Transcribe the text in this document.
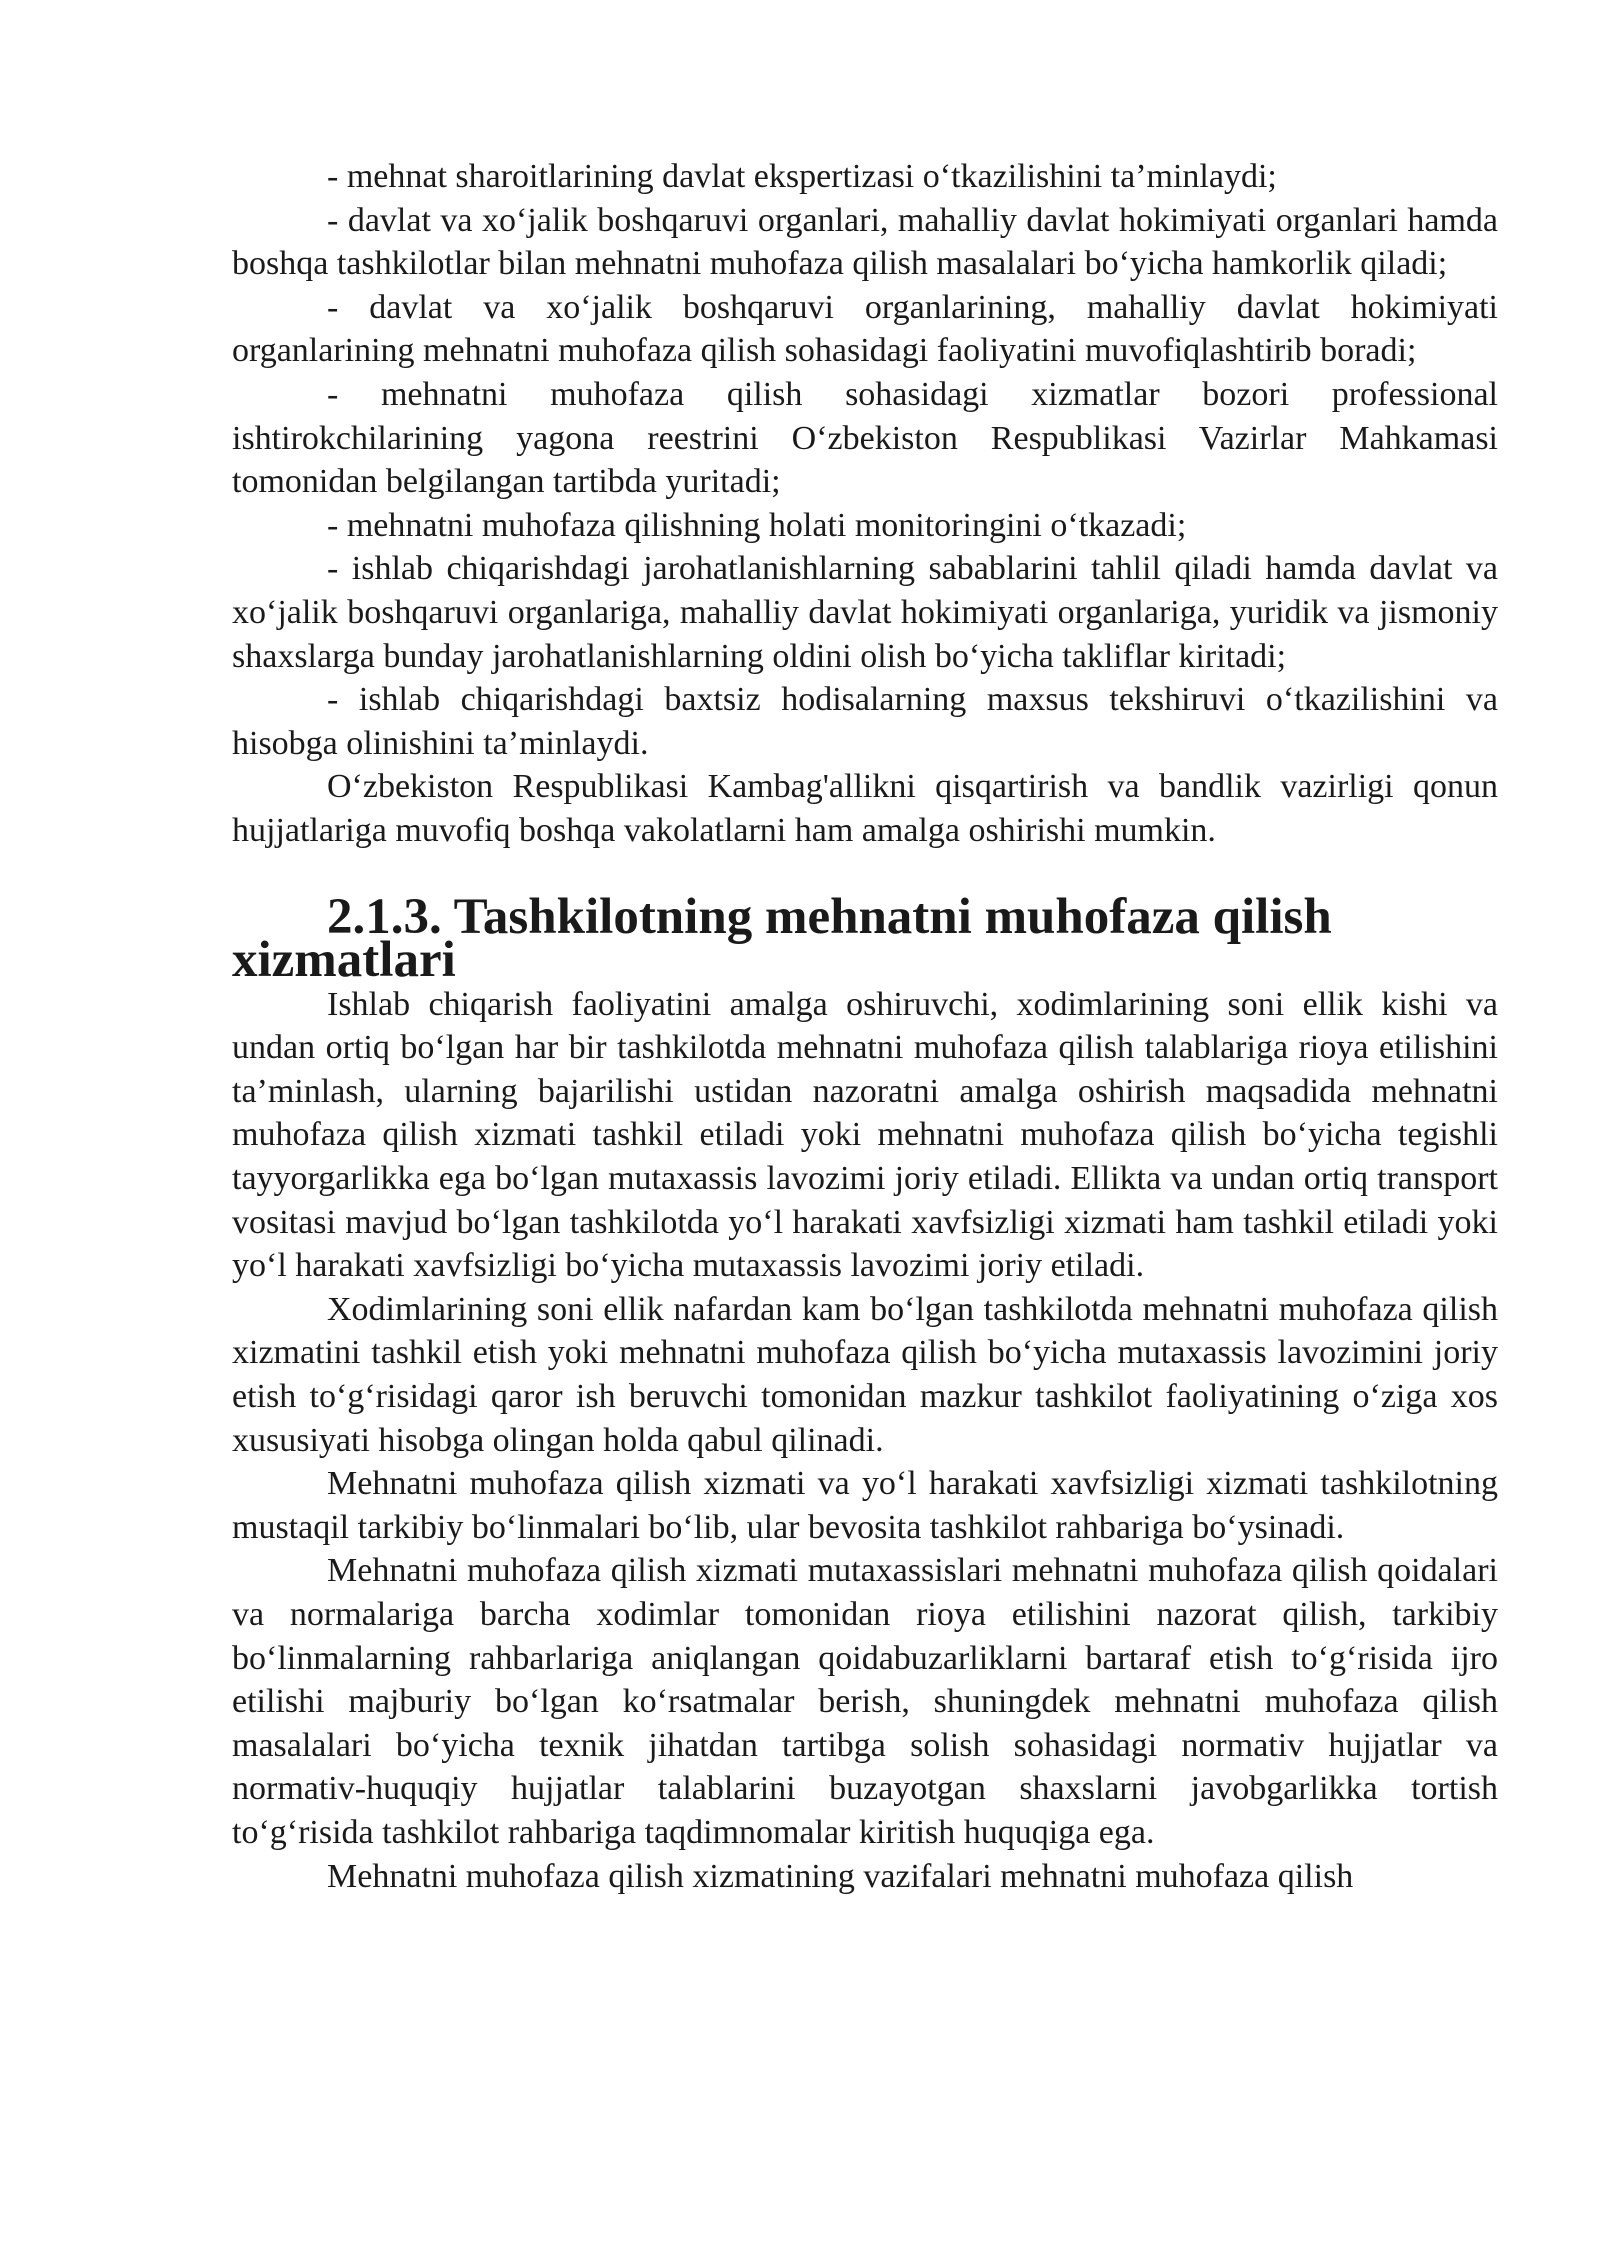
- mehnat sharoitlarining davlat ekspertizasi o‘tkazilishini ta’minlaydi;

- davlat va xo‘jalik boshqaruvi organlari, mahalliy davlat hokimiyati organlari hamda boshqa tashkilotlar bilan mehnatni muhofaza qilish masalalari bo‘yicha hamkorlik qiladi;

- davlat va xo‘jalik boshqaruvi organlarining, mahalliy davlat hokimiyati organlarining mehnatni muhofaza qilish sohasidagi faoliyatini muvofiqlashtirib boradi;

- mehnatni muhofaza qilish sohasidagi xizmatlar bozori professional ishtirokchilarining yagona reestrini O‘zbekiston Respublikasi Vazirlar Mahkamasi tomonidan belgilangan tartibda yuritadi;

- mehnatni muhofaza qilishning holati monitoringini o‘tkazadi;

- ishlab chiqarishdagi jarohatlanishlarning sabablarini tahlil qiladi hamda davlat va xo‘jalik boshqaruvi organlariga, mahalliy davlat hokimiyati organlariga, yuridik va jismoniy shaxslarga bunday jarohatlanishlarning oldini olish bo‘yicha takliflar kiritadi;

- ishlab chiqarishdagi baxtsiz hodisalarning maxsus tekshiruvi o‘tkazilishini va hisobga olinishini ta’minlaydi.

O‘zbekiston Respublikasi Kambag'allikni qisqartirish va bandlik vazirligi qonun hujjatlariga muvofiq boshqa vakolatlarni ham amalga oshirishi mumkin.

2.1.3. Tashkilotning mehnatni muhofaza qilish xizmatlari

Ishlab chiqarish faoliyatini amalga oshiruvchi, xodimlarining soni ellik kishi va undan ortiq bo‘lgan har bir tashkilotda mehnatni muhofaza qilish talablariga rioya etilishini ta’minlash, ularning bajarilishi ustidan nazoratni amalga oshirish maqsadida mehnatni muhofaza qilish xizmati tashkil etiladi yoki mehnatni muhofaza qilish bo‘yicha tegishli tayyorgarlikka ega bo‘lgan mutaxassis lavozimi joriy etiladi. Ellikta va undan ortiq transport vositasi mavjud bo‘lgan tashkilotda yo‘l harakati xavfsizligi xizmati ham tashkil etiladi yoki yo‘l harakati xavfsizligi bo‘yicha mutaxassis lavozimi joriy etiladi.

Xodimlarining soni ellik nafardan kam bo‘lgan tashkilotda mehnatni muhofaza qilish xizmatini tashkil etish yoki mehnatni muhofaza qilish bo‘yicha mutaxassis lavozimini joriy etish to‘g‘risidagi qaror ish beruvchi tomonidan mazkur tashkilot faoliyatining o‘ziga xos xususiyati hisobga olingan holda qabul qilinadi.

Mehnatni muhofaza qilish xizmati va yo‘l harakati xavfsizligi xizmati tashkilotning mustaqil tarkibiy bo‘linmalari bo‘lib, ular bevosita tashkilot rahbariga bo‘ysinadi.

Mehnatni muhofaza qilish xizmati mutaxassislari mehnatni muhofaza qilish qoidalari va normalariga barcha xodimlar tomonidan rioya etilishini nazorat qilish, tarkibiy bo‘linmalarning rahbarlariga aniqlangan qoidabuzarliklarni bartaraf etish to‘g‘risida ijro etilishi majburiy bo‘lgan ko‘rsatmalar berish, shuningdek mehnatni muhofaza qilish masalalari bo‘yicha texnik jihatdan tartibga solish sohasidagi normativ hujjatlar va normativ-huquqiy hujjatlar talablarini buzayotgan shaxslarni javobgarlikka tortish to‘g‘risida tashkilot rahbariga taqdimnomalar kiritish huquqiga ega.

Mehnatni muhofaza qilish xizmatining vazifalari mehnatni muhofaza qilish
